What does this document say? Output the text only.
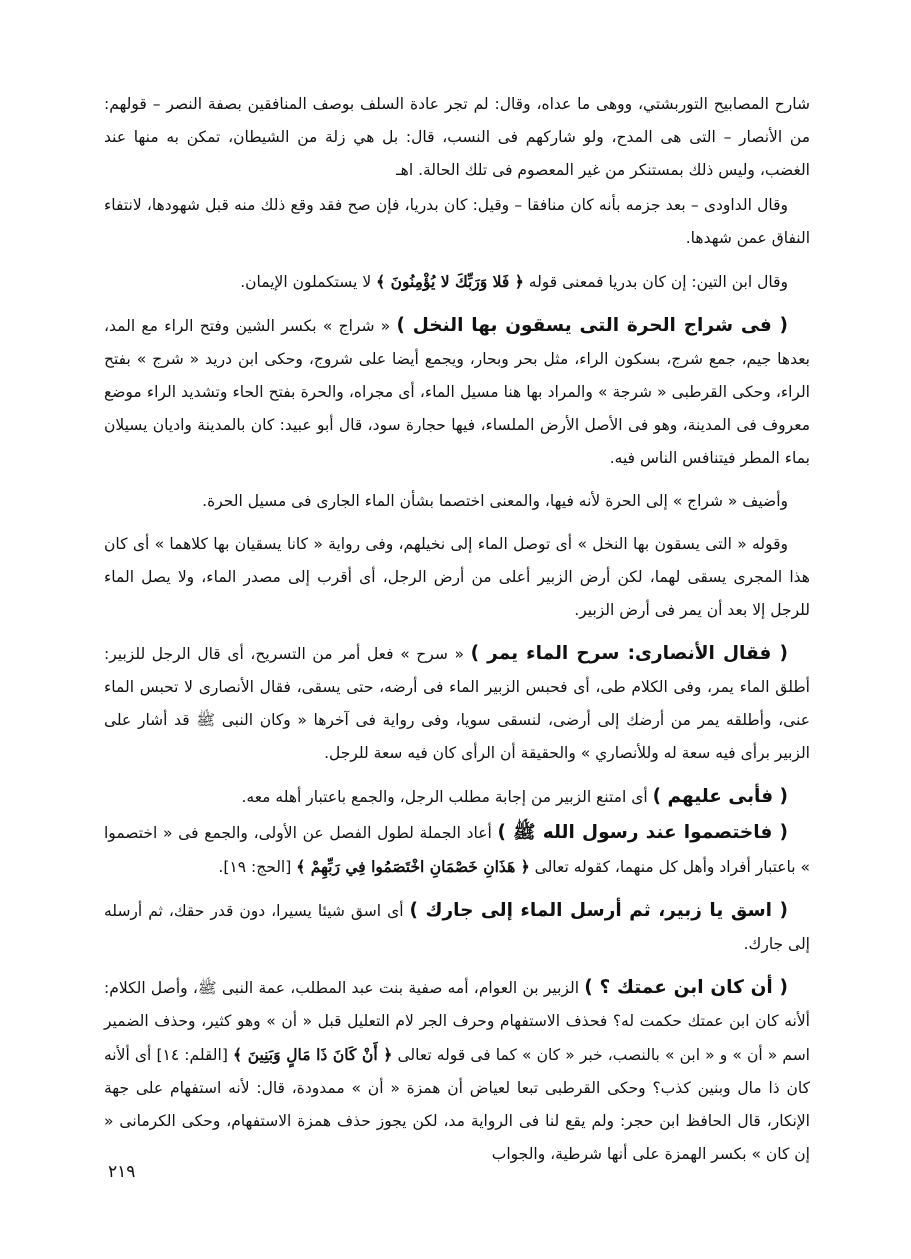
شارح المصابيح التوربشتي، ووهى ما عداه، وقال: لم تجر عادة السلف بوصف المنافقين بصفة النصر – قولهم: من الأنصار – التى هى المدح، ولو شاركهم فى النسب، قال: بل هي زلة من الشيطان، تمكن به منها عند الغضب، وليس ذلك بمستنكر من غير المعصوم فى تلك الحالة. اهـ

وقال الداودى – بعد جزمه بأنه كان منافقا – وقيل: كان بدريا، فإن صح فقد وقع ذلك منه قبل شهودها، لانتفاء النفاق عمن شهدها.

وقال ابن التين: إن كان بدريا فمعنى قوله ﴿ فَلا وَرَبِّكَ لا يُؤْمِنُونَ ﴾ لا يستكملون الإيمان.

( فى شراج الحرة التى يسقون بها النخل ) « شراج » بكسر الشين وفتح الراء مع المد، بعدها جيم، جمع شرج، بسكون الراء، مثل بحر وبحار، ويجمع أيضا على شروج، وحكى ابن دريد « شرج » بفتح الراء، وحكى القرطبى « شرجة » والمراد بها هنا مسيل الماء، أى مجراه، والحرة بفتح الحاء وتشديد الراء موضع معروف فى المدينة، وهو فى الأصل الأرض الملساء، فيها حجارة سود، قال أبو عبيد: كان بالمدينة واديان يسيلان بماء المطر فيتنافس الناس فيه.

وأضيف « شراج » إلى الحرة لأنه فيها، والمعنى اختصما بشأن الماء الجارى فى مسيل الحرة.

وقوله « التى يسقون بها النخل » أى توصل الماء إلى نخيلهم، وفى رواية « كانا يسقيان بها كلاهما » أى كان هذا المجرى يسقى لهما، لكن أرض الزبير أعلى من أرض الرجل، أى أقرب إلى مصدر الماء، ولا يصل الماء للرجل إلا بعد أن يمر فى أرض الزبير.

( فقال الأنصارى: سرح الماء يمر ) « سرح » فعل أمر من التسريح، أى قال الرجل للزبير: أطلق الماء يمر، وفى الكلام طى، أى فحبس الزبير الماء فى أرضه، حتى يسقى، فقال الأنصارى لا تحبس الماء عنى، وأطلقه يمر من أرضك إلى أرضى، لنسقى سويا، وفى رواية فى آخرها « وكان النبى ﷺ قد أشار على الزبير برأى فيه سعة له وللأنصاري » والحقيقة أن الرأى كان فيه سعة للرجل.

( فأبى عليهم ) أى امتنع الزبير من إجابة مطلب الرجل، والجمع باعتبار أهله معه.

( فاختصموا عند رسول الله ﷺ ) أعاد الجملة لطول الفصل عن الأولى، والجمع فى « اختصموا » باعتبار أفراد وأهل كل منهما، كقوله تعالى ﴿ هَذَانِ خَصْمَانِ اخْتَصَمُوا فِي رَبِّهِمْ ﴾ [الحج: ١٩].

( اسق يا زبير، ثم أرسل الماء إلى جارك ) أى اسق شيئا يسيرا، دون قدر حقك، ثم أرسله إلى جارك.

( أن كان ابن عمتك ؟ ) الزبير بن العوام، أمه صفية بنت عبد المطلب، عمة النبى ﷺ، وأصل الكلام: ألأنه كان ابن عمتك حكمت له؟ فحذف الاستفهام وحرف الجر لام التعليل قبل « أن » وهو كثير، وحذف الضمير اسم « أن » و « ابن » بالنصب، خبر « كان » كما فى قوله تعالى ﴿ أَنْ كَانَ ذَا مَالٍ وَبَنِينَ ﴾ [القلم: ١٤] أى ألأنه كان ذا مال وبنين كذب؟ وحكى القرطبى تبعا لعياض أن همزة « أن » ممدودة، قال: لأنه استفهام على جهة الإنكار، قال الحافظ ابن حجر: ولم يقع لنا فى الرواية مد، لكن يجوز حذف همزة الاستفهام، وحكى الكرمانى « إن كان » بكسر الهمزة على أنها شرطية، والجواب

٢١٩
